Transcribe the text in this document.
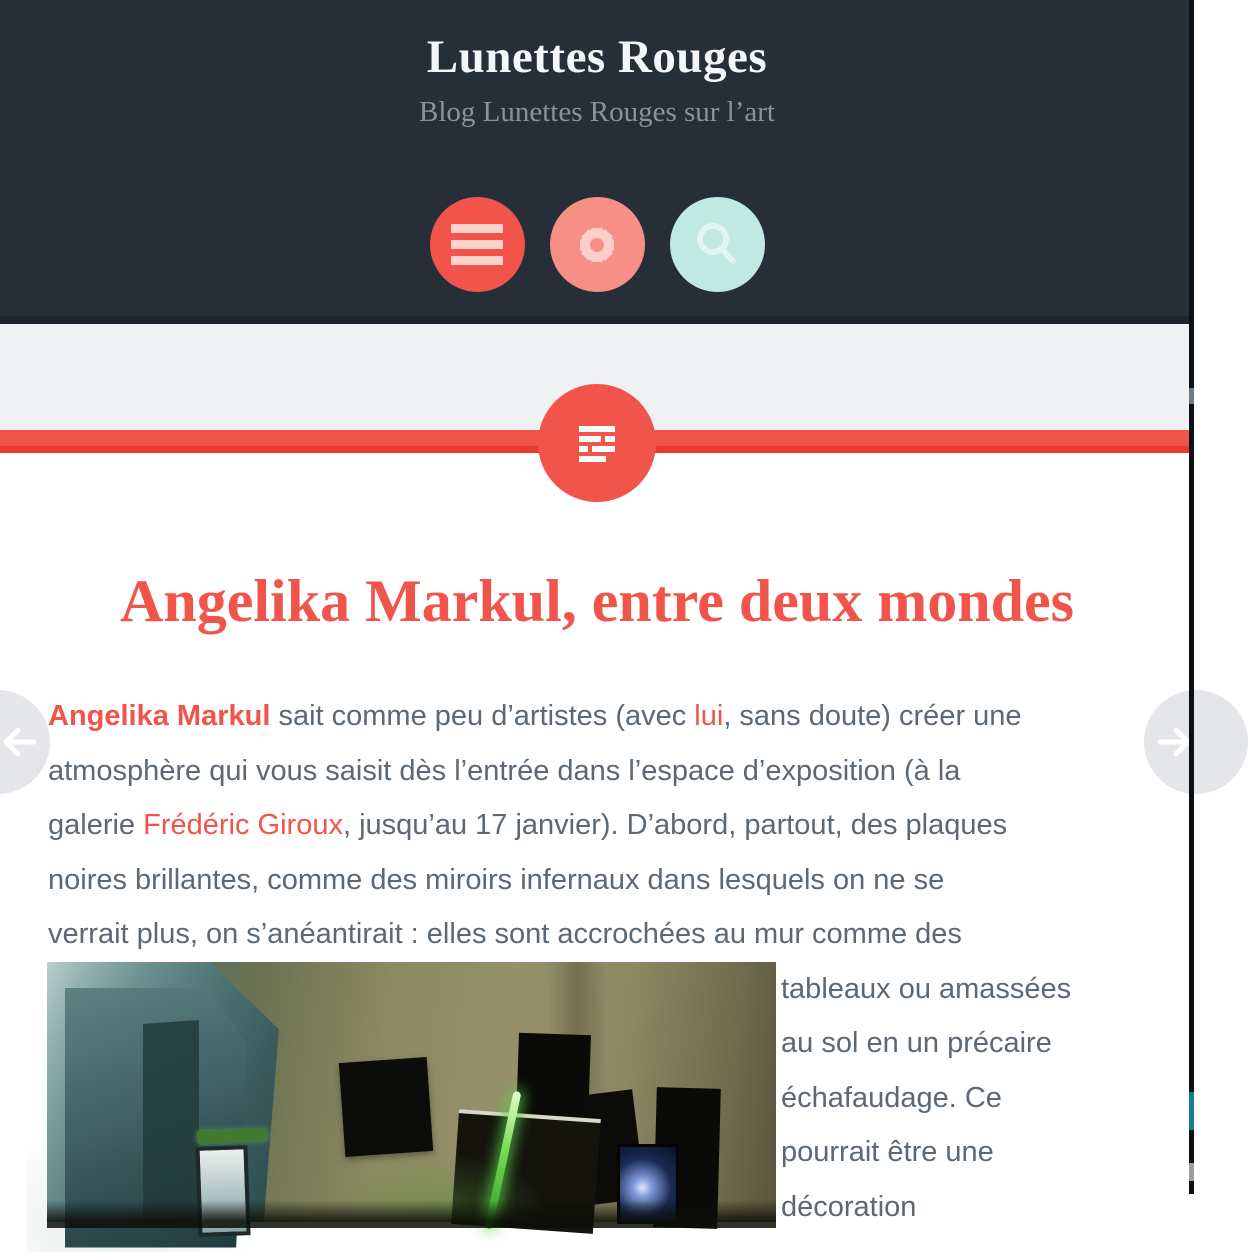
Lunettes Rouges

Blog Lunettes Rouges sur l’art

Angelika Markul, entre deux mondes
Angelika Markul sait comme peu d’artistes (avec lui, sans doute) créer une
atmosphère qui vous saisit dès l’entrée dans l’espace d’exposition (à la
galerie Frédéric Giroux, jusqu’au 17 janvier). D’abord, partout, des plaques
noires brillantes, comme des miroirs infernaux dans lesquels on ne se
verrait plus, on s’anéantirait : elles sont accrochées au mur comme des
tableaux ou amassées
au sol en un précaire
échafaudage. Ce
pourrait être une
décoration
